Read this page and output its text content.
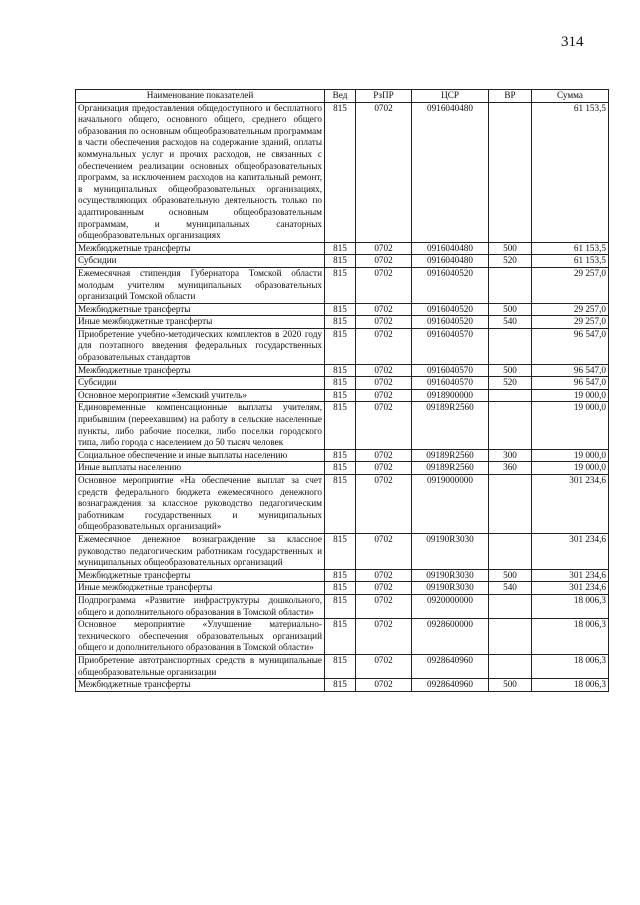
314
Наименование показателей	Вед	РзПР	ЦСР	ВР	Сумма
Организация предоставления общедоступного и бесплатного начального общего, основного общего, среднего общего образования по основным общеобразовательным программам в части обеспечения расходов на содержание зданий, оплаты коммунальных услуг и прочих расходов, не связанных с обеспечением реализации основных общеобразовательных программ, за исключением расходов на капитальный ремонт, в муниципальных общеобразовательных организациях, осуществляющих образовательную деятельность только по адаптированным основным общеобразовательным программам, и муниципальных санаторных общеобразовательных организациях	815	0702	0916040480		61 153,5
Межбюджетные трансферты	815	0702	0916040480	500	61 153,5
Субсидии	815	0702	0916040480	520	61 153,5
Ежемесячная стипендия Губернатора Томской области молодым учителям муниципальных образовательных организаций Томской области	815	0702	0916040520		29 257,0
Межбюджетные трансферты	815	0702	0916040520	500	29 257,0
Иные межбюджетные трансферты	815	0702	0916040520	540	29 257,0
Приобретение учебно-методических комплектов в 2020 году для поэтапного введения федеральных государственных образовательных стандартов	815	0702	0916040570		96 547,0
Межбюджетные трансферты	815	0702	0916040570	500	96 547,0
Субсидии	815	0702	0916040570	520	96 547,0
Основное мероприятие «Земский учитель»	815	0702	0918900000		19 000,0
Единовременные компенсационные выплаты учителям, прибывшим (переехавшим) на работу в сельские населенные пункты, либо рабочие поселки, либо поселки городского типа, либо города с населением до 50 тысяч человек	815	0702	09189R2560		19 000,0
Социальное обеспечение и иные выплаты населению	815	0702	09189R2560	300	19 000,0
Иные выплаты населению	815	0702	09189R2560	360	19 000,0
Основное мероприятие «На обеспечение выплат за счет средств федерального бюджета ежемесячного денежного вознаграждения за классное руководство педагогическим работникам государственных и муниципальных общеобразовательных организаций»	815	0702	0919000000		301 234,6
Ежемесячное денежное вознаграждение за классное руководство педагогическим работникам государственных и муниципальных общеобразовательных организаций	815	0702	09190R3030		301 234,6
Межбюджетные трансферты	815	0702	09190R3030	500	301 234,6
Иные межбюджетные трансферты	815	0702	09190R3030	540	301 234,6
Подпрограмма «Развитие инфраструктуры дошкольного, общего и дополнительного образования в Томской области»	815	0702	0920000000		18 006,3
Основное мероприятие «Улучшение материально-технического обеспечения образовательных организаций общего и дополнительного образования в Томской области»	815	0702	0928600000		18 006,3
Приобретение автотранспортных средств в муниципальные общеобразовательные организации	815	0702	0928640960		18 006,3
Межбюджетные трансферты	815	0702	0928640960	500	18 006,3
